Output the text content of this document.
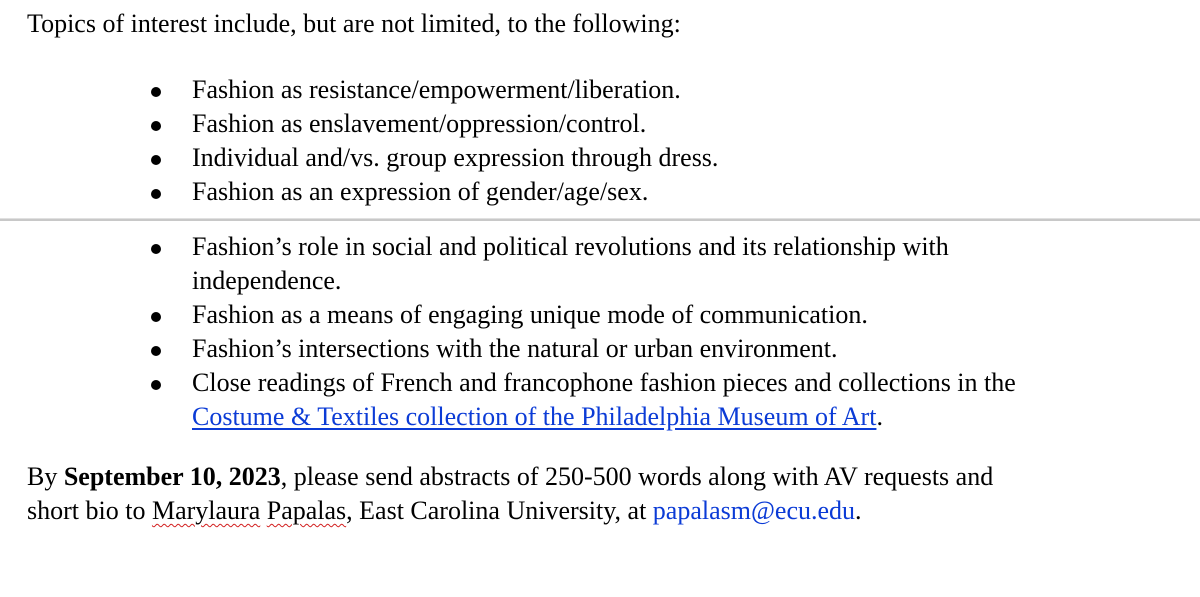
Topics of interest include, but are not limited, to the following:
Fashion as resistance/empowerment/liberation.
Fashion as enslavement/oppression/control.
Individual and/vs. group expression through dress.
Fashion as an expression of gender/age/sex.
Fashion’s role in social and political revolutions and its relationship with
independence.
Fashion as a means of engaging unique mode of communication.
Fashion’s intersections with the natural or urban environment.
Close readings of French and francophone fashion pieces and collections in the
Costume & Textiles collection of the Philadelphia Museum of Art.
By September 10, 2023, please send abstracts of 250-500 words along with AV requests and
short bio to Marylaura Papalas, East Carolina University, at papalasm@ecu.edu.
